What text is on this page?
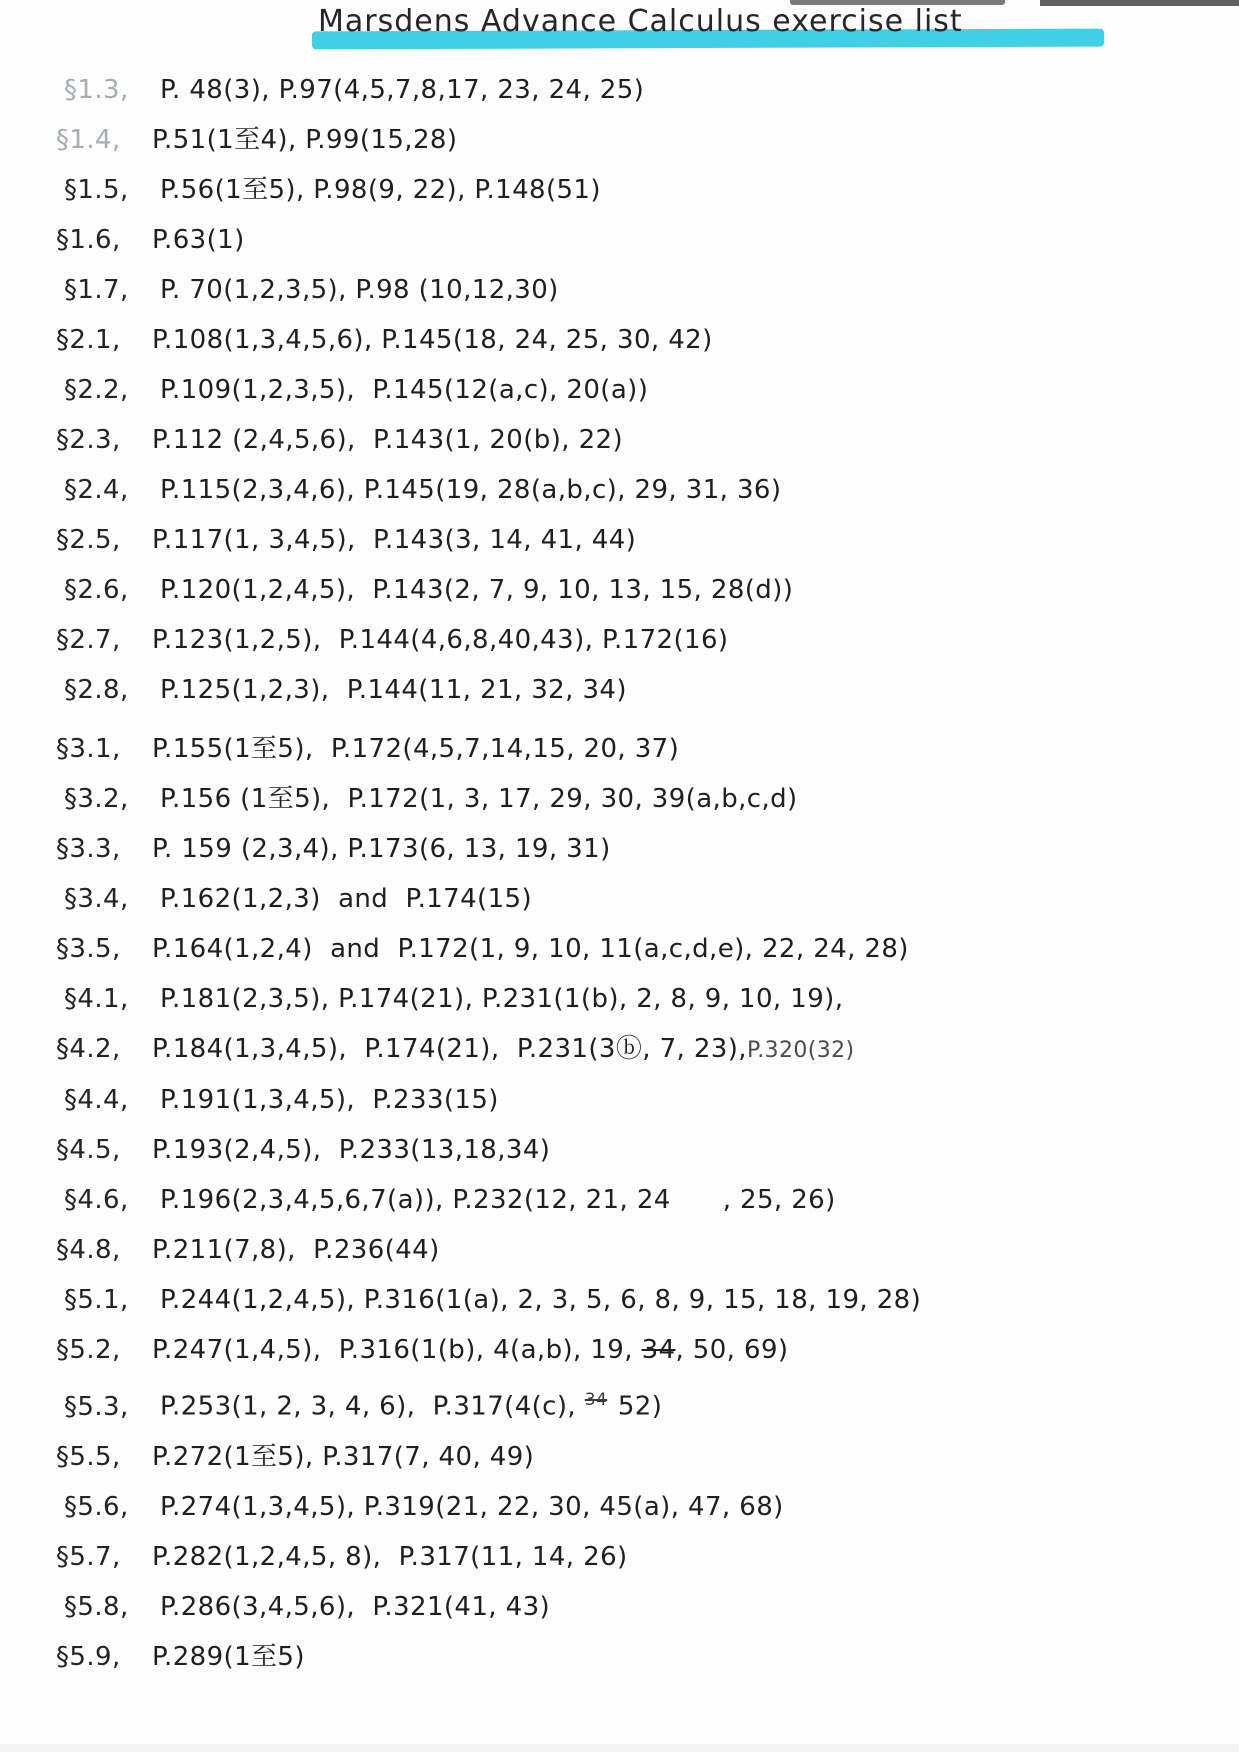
Marsdens Advance Calculus exercise list
§1.3,	P. 48(3), P.97(4,5,7,8,17, 23, 24, 25)
§1.4,	P.51(1至4), P.99(15,28)
§1.5,	P.56(1至5), P.98(9, 22), P.148(51)
§1.6,	P.63(1)
§1.7,	P. 70(1,2,3,5), P.98 (10,12,30)
§2.1,	P.108(1,3,4,5,6), P.145(18, 24, 25, 30, 42)
§2.2,	P.109(1,2,3,5),  P.145(12(a,c), 20(a))
§2.3,	P.112 (2,4,5,6),  P.143(1, 20(b), 22)
§2.4,	P.115(2,3,4,6), P.145(19, 28(a,b,c), 29, 31, 36)
§2.5,	P.117(1, 3,4,5),  P.143(3, 14, 41, 44)
§2.6,	P.120(1,2,4,5),  P.143(2, 7, 9, 10, 13, 15, 28(d))
§2.7,	P.123(1,2,5),  P.144(4,6,8,40,43), P.172(16)
§2.8,	P.125(1,2,3),  P.144(11, 21, 32, 34)
§3.1,	P.155(1至5),  P.172(4,5,7,14,15, 20, 37)
§3.2,	P.156 (1至5),  P.172(1, 3, 17, 29, 30, 39(a,b,c,d)
§3.3,	P. 159 (2,3,4), P.173(6, 13, 19, 31)
§3.4,	P.162(1,2,3)  and  P.174(15)
§3.5,	P.164(1,2,4)  and  P.172(1, 9, 10, 11(a,c,d,e), 22, 24, 28)
§4.1,	P.181(2,3,5), P.174(21), P.231(1(b), 2, 8, 9, 10, 19),
§4.2,	P.184(1,3,4,5),  P.174(21),  P.231(3ⓑ, 7, 23),P.320(32)
§4.4,	P.191(1,3,4,5),  P.233(15)
§4.5,	P.193(2,4,5),  P.233(13,18,34)
§4.6,	P.196(2,3,4,5,6,7(a)), P.232(12, 21, 24      , 25, 26)
§4.8,	P.211(7,8),  P.236(44)
§5.1,	P.244(1,2,4,5), P.316(1(a), 2, 3, 5, 6, 8, 9, 15, 18, 19, 28)
§5.2,	P.247(1,4,5),  P.316(1(b), 4(a,b), 19, 34, 50, 69)
§5.3,	P.253(1, 2, 3, 4, 6),  P.317(4(c), $^{34}$ 52)
§5.5,	P.272(1至5), P.317(7, 40, 49)
§5.6,	P.274(1,3,4,5), P.319(21, 22, 30, 45(a), 47, 68)
§5.7,	P.282(1,2,4,5, 8),  P.317(11, 14, 26)
§5.8,	P.286(3,4,5,6),  P.321(41, 43)
§5.9,	P.289(1至5)
